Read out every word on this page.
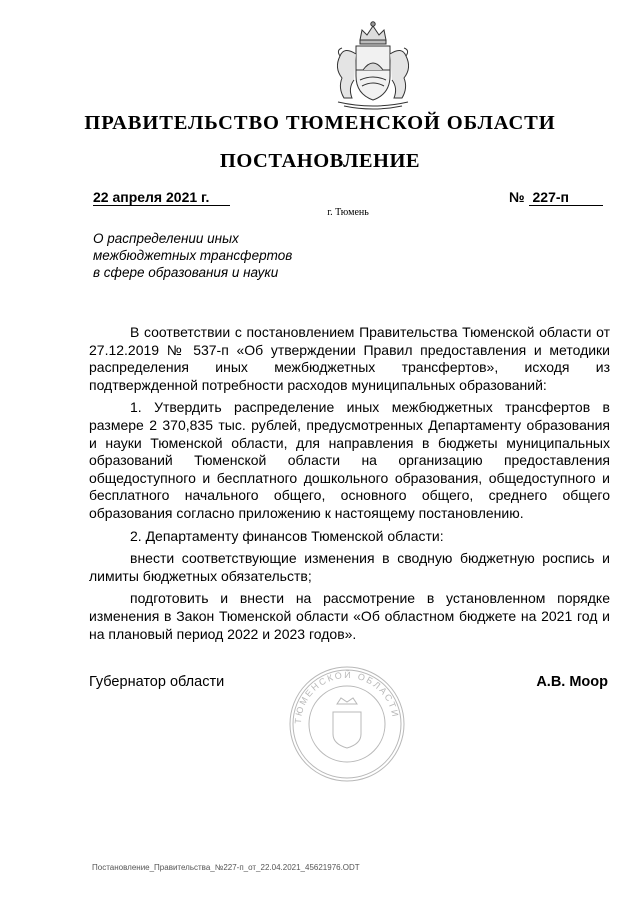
ПРАВИТЕЛЬСТВО ТЮМЕНСКОЙ ОБЛАСТИ
ПОСТАНОВЛЕНИЕ
22 апреля 2021 г.	№ 227-п
г. Тюмень
О распределении иных
межбюджетных трансфертов
в сфере образования и науки

В соответствии с постановлением Правительства Тюменской области от 27.12.2019 № 537-п «Об утверждении Правил предоставления и методики распределения иных межбюджетных трансфертов», исходя из подтвержденной потребности расходов муниципальных образований:

1. Утвердить распределение иных межбюджетных трансфертов в размере 2 370,835 тыс. рублей, предусмотренных Департаменту образования и науки Тюменской области, для направления в бюджеты муниципальных образований Тюменской области на организацию предоставления общедоступного и бесплатного дошкольного образования, общедоступного и бесплатного начального общего, основного общего, среднего общего образования согласно приложению к настоящему постановлению.

2. Департаменту финансов Тюменской области:

внести соответствующие изменения в сводную бюджетную роспись и лимиты бюджетных обязательств;

подготовить и внести на рассмотрение в установленном порядке изменения в Закон Тюменской области «Об областном бюджете на 2021 год и на плановый период 2022 и 2023 годов».

ТЮМЕНСКОЙ ОБЛАСТИ
Губернатор области	А.В. Моор
Постановление_Правительства_№227-п_от_22.04.2021_45621976.ODT
